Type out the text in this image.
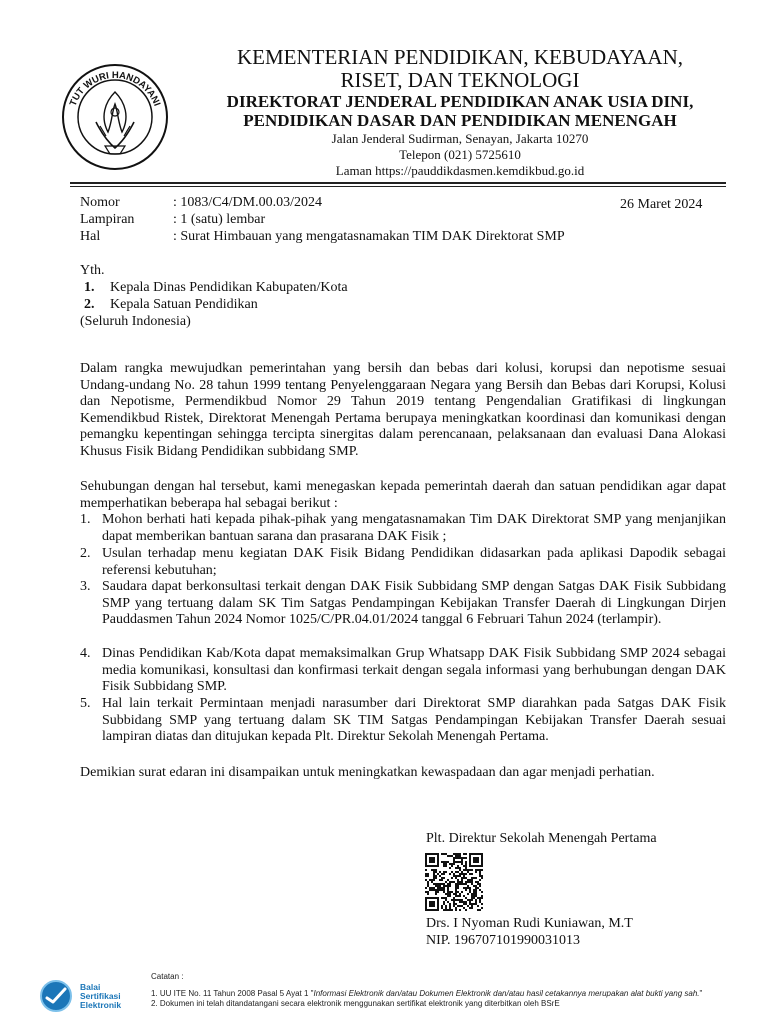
TUT WURI HANDAYANI
KEMENTERIAN PENDIDIKAN, KEBUDAYAAN,
RISET, DAN TEKNOLOGI
DIREKTORAT JENDERAL PENDIDIKAN ANAK USIA DINI,
PENDIDIKAN DASAR DAN PENDIDIKAN MENENGAH
Jalan Jenderal Sudirman, Senayan, Jakarta 10270
Telepon (021) 5725610
Laman https://pauddikdasmen.kemdikbud.go.id
Nomor	: 1083/C4/DM.00.03/2024	26 Maret 2024
Lampiran	: 1 (satu) lembar
Hal	: Surat Himbauan yang mengatasnamakan TIM DAK Direktorat SMP
Yth.
1. Kepala Dinas Pendidikan Kabupaten/Kota
2. Kepala Satuan Pendidikan
(Seluruh Indonesia)
Dalam rangka mewujudkan pemerintahan yang bersih dan bebas dari kolusi, korupsi dan nepotisme sesuai Undang-undang No. 28 tahun 1999 tentang Penyelenggaraan Negara yang Bersih dan Bebas dari Korupsi, Kolusi dan Nepotisme, Permendikbud Nomor 29 Tahun 2019 tentang Pengendalian Gratifikasi di lingkungan Kemendikbud Ristek, Direktorat Menengah Pertama berupaya meningkatkan koordinasi dan komunikasi dengan pemangku kepentingan sehingga tercipta sinergitas dalam perencanaan, pelaksanaan dan evaluasi Dana Alokasi Khusus Fisik Bidang Pendidikan subbidang SMP.
Sehubungan dengan hal tersebut, kami menegaskan kepada pemerintah daerah dan satuan pendidikan agar dapat memperhatikan beberapa hal sebagai berikut :
1. Mohon berhati hati kepada pihak-pihak yang mengatasnamakan Tim DAK Direktorat SMP yang menjanjikan dapat memberikan bantuan sarana dan prasarana DAK Fisik ;
2. Usulan terhadap menu kegiatan DAK Fisik Bidang Pendidikan didasarkan pada aplikasi Dapodik sebagai referensi kebutuhan;
3. Saudara dapat berkonsultasi terkait dengan DAK Fisik Subbidang SMP dengan Satgas DAK Fisik Subbidang SMP yang tertuang dalam SK Tim Satgas Pendampingan Kebijakan Transfer Daerah di Lingkungan Dirjen Pauddasmen Tahun 2024 Nomor 1025/C/PR.04.01/2024 tanggal 6 Februari Tahun 2024 (terlampir).
4. Dinas Pendidikan Kab/Kota dapat memaksimalkan Grup Whatsapp DAK Fisik Subbidang SMP 2024 sebagai media komunikasi, konsultasi dan konfirmasi terkait dengan segala informasi yang berhubungan dengan DAK Fisik Subbidang SMP.
5. Hal lain terkait Permintaan menjadi narasumber dari Direktorat SMP diarahkan pada Satgas DAK Fisik Subbidang SMP yang tertuang dalam SK TIM Satgas Pendampingan Kebijakan Transfer Daerah sesuai lampiran diatas dan ditujukan kepada Plt. Direktur Sekolah Menengah Pertama.
Demikian surat edaran ini disampaikan untuk meningkatkan kewaspadaan dan agar menjadi perhatian.
Plt. Direktur Sekolah Menengah Pertama
Drs. I Nyoman Rudi Kuniawan, M.T
NIP. 196707101990031013
Balai
Sertifikasi
Elektronik
Catatan :
1. UU ITE No. 11 Tahun 2008 Pasal 5 Ayat 1 "Informasi Elektronik dan/atau Dokumen Elektronik dan/atau hasil cetakannya merupakan alat bukti yang sah."
2. Dokumen ini telah ditandatangani secara elektronik menggunakan sertifikat elektronik yang diterbitkan oleh BSrE
